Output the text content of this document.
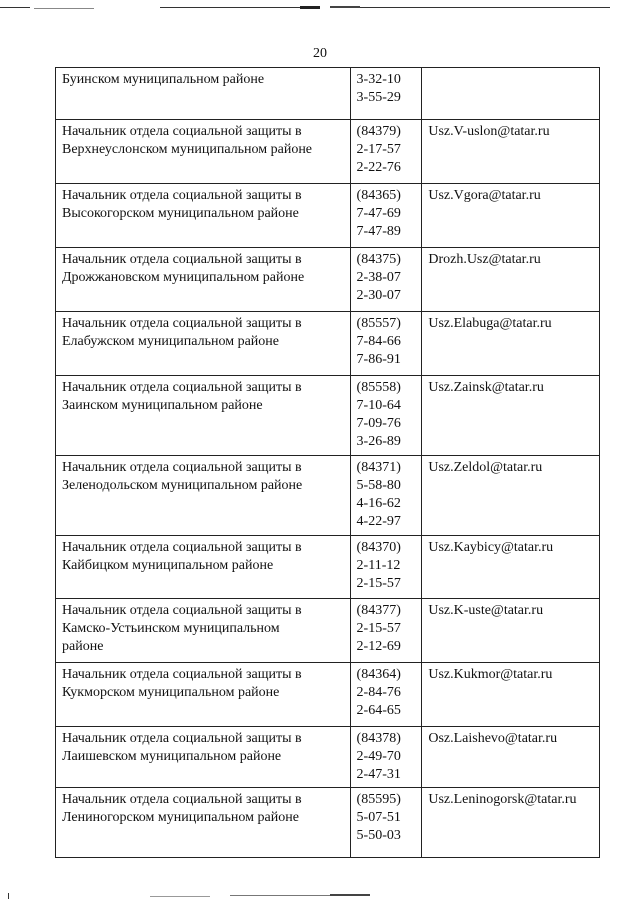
20
Буинском муниципальном районе	3-32-10
3-55-29	

Начальник отдела социальной защиты в
Верхнеуслонском муниципальном районе	(84379)
2-17-57
2-22-76	Usz.V-uslon@tatar.ru

Начальник отдела социальной защиты в
Высокогорском муниципальном районе	(84365)
7-47-69
7-47-89	Usz.Vgora@tatar.ru

Начальник отдела социальной защиты в
Дрожжановском муниципальном районе	(84375)
2-38-07
2-30-07	Drozh.Usz@tatar.ru

Начальник отдела социальной защиты в
Елабужском муниципальном районе	(85557)
7-84-66
7-86-91	Usz.Elabuga@tatar.ru

Начальник отдела социальной защиты в
Заинском муниципальном районе	(85558)
7-10-64
7-09-76
3-26-89	Usz.Zainsk@tatar.ru

Начальник отдела социальной защиты в
Зеленодольском муниципальном районе	(84371)
5-58-80
4-16-62
4-22-97	Usz.Zeldol@tatar.ru

Начальник отдела социальной защиты в
Кайбицком муниципальном районе	(84370)
2-11-12
2-15-57	Usz.Kaybicy@tatar.ru

Начальник отдела социальной защиты в
Камско-Устьинском муниципальном
районе	(84377)
2-15-57
2-12-69	Usz.K-uste@tatar.ru

Начальник отдела социальной защиты в
Кукморском муниципальном районе	(84364)
2-84-76
2-64-65	Usz.Kukmor@tatar.ru

Начальник отдела социальной защиты в
Лаишевском муниципальном районе	(84378)
2-49-70
2-47-31	Osz.Laishevo@tatar.ru

Начальник отдела социальной защиты в
Лениногорском муниципальном районе	(85595)
5-07-51
5-50-03	Usz.Leninogorsk@tatar.ru
